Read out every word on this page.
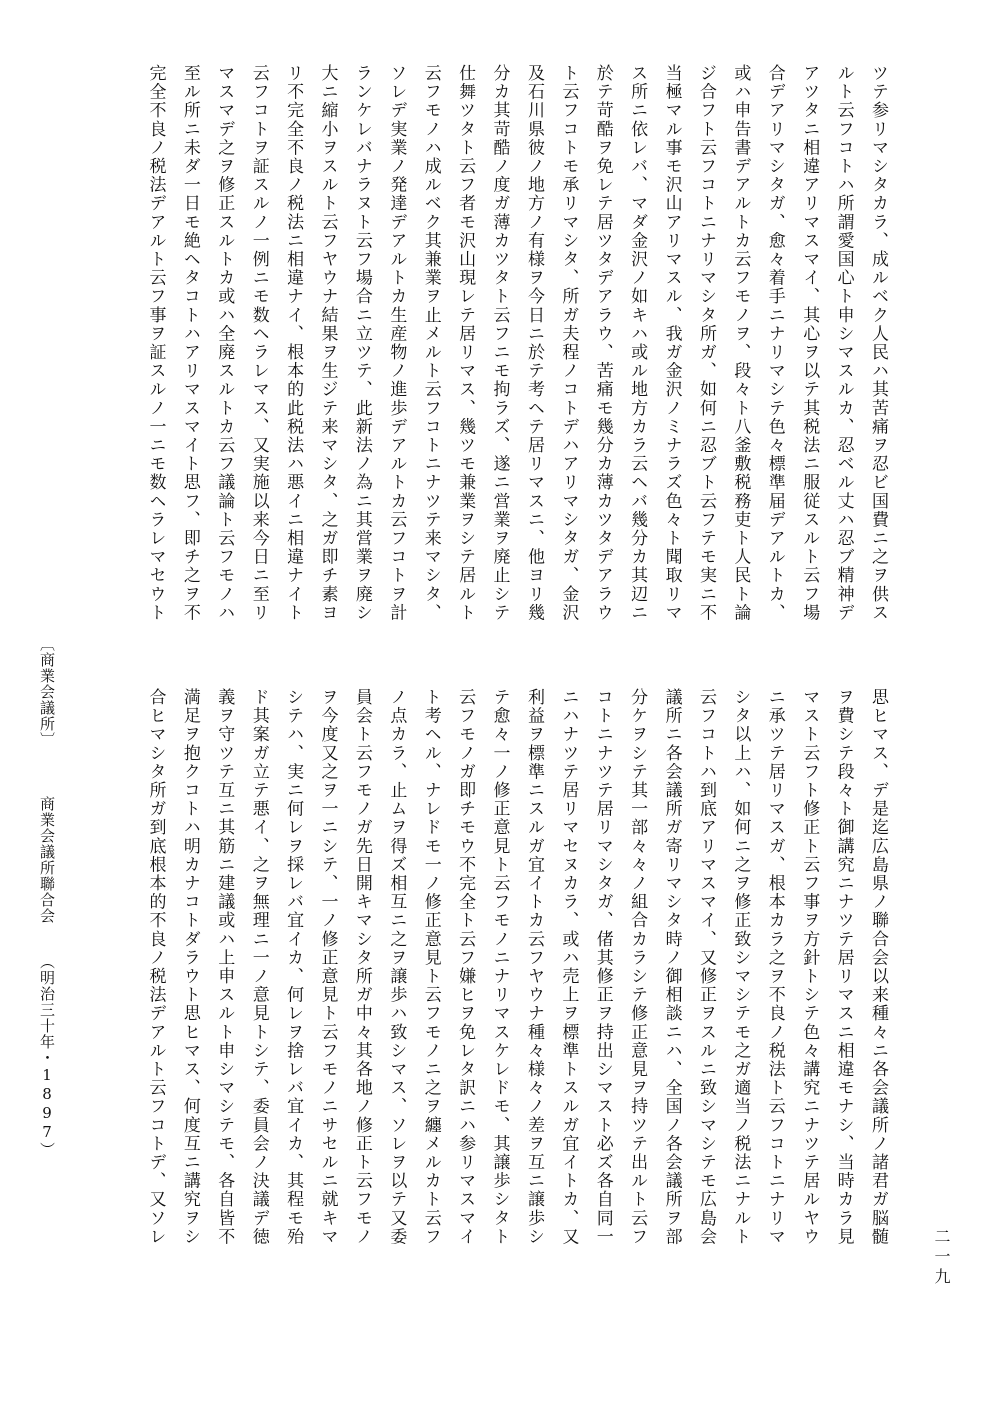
ツテ参リマシタカラ、成ルベク人民ハ其苦痛ヲ忍ビ国費ニ之ヲ供ス
ルト云フコトハ所謂愛国心ト申シマスルカ、忍ベル丈ハ忍ブ精神デ
アツタニ相違アリマスマイ、其心ヲ以テ其税法ニ服従スルト云フ場
合デアリマシタガ、愈々着手ニナリマシテ色々標準届デアルトカ、
或ハ申告書デアルトカ云フモノヲ、段々ト八釜敷税務吏ト人民ト論
ジ合フト云フコトニナリマシタ所ガ、如何ニ忍ブト云フテモ実ニ不
当極マル事モ沢山アリマスル、我ガ金沢ノミナラズ色々ト聞取リマ
ス所ニ依レバ、マダ金沢ノ如キハ或ル地方カラ云ヘバ幾分カ其辺ニ
於テ苛酷ヲ免レテ居ツタデアラウ、苦痛モ幾分カ薄カツタデアラウ
ト云フコトモ承リマシタ、所ガ夫程ノコトデハアリマシタガ、金沢
及石川県彼ノ地方ノ有様ヲ今日ニ於テ考ヘテ居リマスニ、他ヨリ幾
分カ其苛酷ノ度ガ薄カツタト云フニモ拘ラズ、遂ニ営業ヲ廃止シテ
仕舞ツタト云フ者モ沢山現レテ居リマス、幾ツモ兼業ヲシテ居ルト
云フモノハ成ルベク其兼業ヲ止メルト云フコトニナツテ来マシタ、
ソレデ実業ノ発達デアルトカ生産物ノ進歩デアルトカ云フコトヲ計
ランケレバナラヌト云フ場合ニ立ツテ、此新法ノ為ニ其営業ヲ廃シ
大ニ縮小ヲスルト云フヤウナ結果ヲ生ジテ来マシタ、之ガ即チ素ヨ
リ不完全不良ノ税法ニ相違ナイ、根本的此税法ハ悪イニ相違ナイト
云フコトヲ証スルノ一例ニモ数ヘラレマス、又実施以来今日ニ至リ
マスマデ之ヲ修正スルトカ或ハ全廃スルトカ云フ議論ト云フモノハ
至ル所ニ未ダ一日モ絶ヘタコトハアリマスマイト思フ、即チ之ヲ不
完全不良ノ税法デアルト云フ事ヲ証スルノ一ニモ数ヘラレマセウト
思ヒマス、デ是迄広島県ノ聯合会以来種々ニ各会議所ノ諸君ガ脳髄
ヲ費シテ段々ト御講究ニナツテ居リマスニ相違モナシ、当時カラ見
マスト云フト修正ト云フ事ヲ方針トシテ色々講究ニナツテ居ルヤウ
ニ承ツテ居リマスガ、根本カラ之ヲ不良ノ税法ト云フコトニナリマ
シタ以上ハ、如何ニ之ヲ修正致シマシテモ之ガ適当ノ税法ニナルト
云フコトハ到底アリマスマイ、又修正ヲスルニ致シマシテモ広島会
議所ニ各会議所ガ寄リマシタ時ノ御相談ニハ、全国ノ各会議所ヲ部
分ケヲシテ其一部々々ノ組合カラシテ修正意見ヲ持ツテ出ルト云フ
コトニナツテ居リマシタガ、偖其修正ヲ持出シマスト必ズ各自同一
ニハナツテ居リマセヌカラ、或ハ売上ヲ標準トスルガ宜イトカ、又
利益ヲ標準ニスルガ宜イトカ云フヤウナ種々様々ノ差ヲ互ニ譲歩シ
テ愈々一ノ修正意見ト云フモノニナリマスケレドモ、其譲歩シタト
云フモノガ即チモウ不完全ト云フ嫌ヒヲ免レタ訳ニハ参リマスマイ
ト考ヘル、ナレドモ一ノ修正意見ト云フモノニ之ヲ纏メルカト云フ
ノ点カラ、止ムヲ得ズ相互ニ之ヲ譲歩ハ致シマス、ソレヲ以テ又委
員会ト云フモノガ先日開キマシタ所ガ中々其各地ノ修正ト云フモノ
ヲ今度又之ヲ一ニシテ、一ノ修正意見ト云フモノニサセルニ就キマ
シテハ、実ニ何レヲ採レバ宜イカ、何レヲ捨レバ宜イカ、其程モ殆
ド其案ガ立テ悪イ、之ヲ無理ニ一ノ意見トシテ、委員会ノ決議デ徳
義ヲ守ツテ互ニ其筋ニ建議或ハ上申スルト申シマシテモ、各自皆不
満足ヲ抱クコトハ明カナコトダラウト思ヒマス、何度互ニ講究ヲシ
合ヒマシタ所ガ到底根本的不良ノ税法デアルト云フコトデ、又ソレ
〔商業会議所〕商業会議所聯合会（明治三十年・1897）
二一九
